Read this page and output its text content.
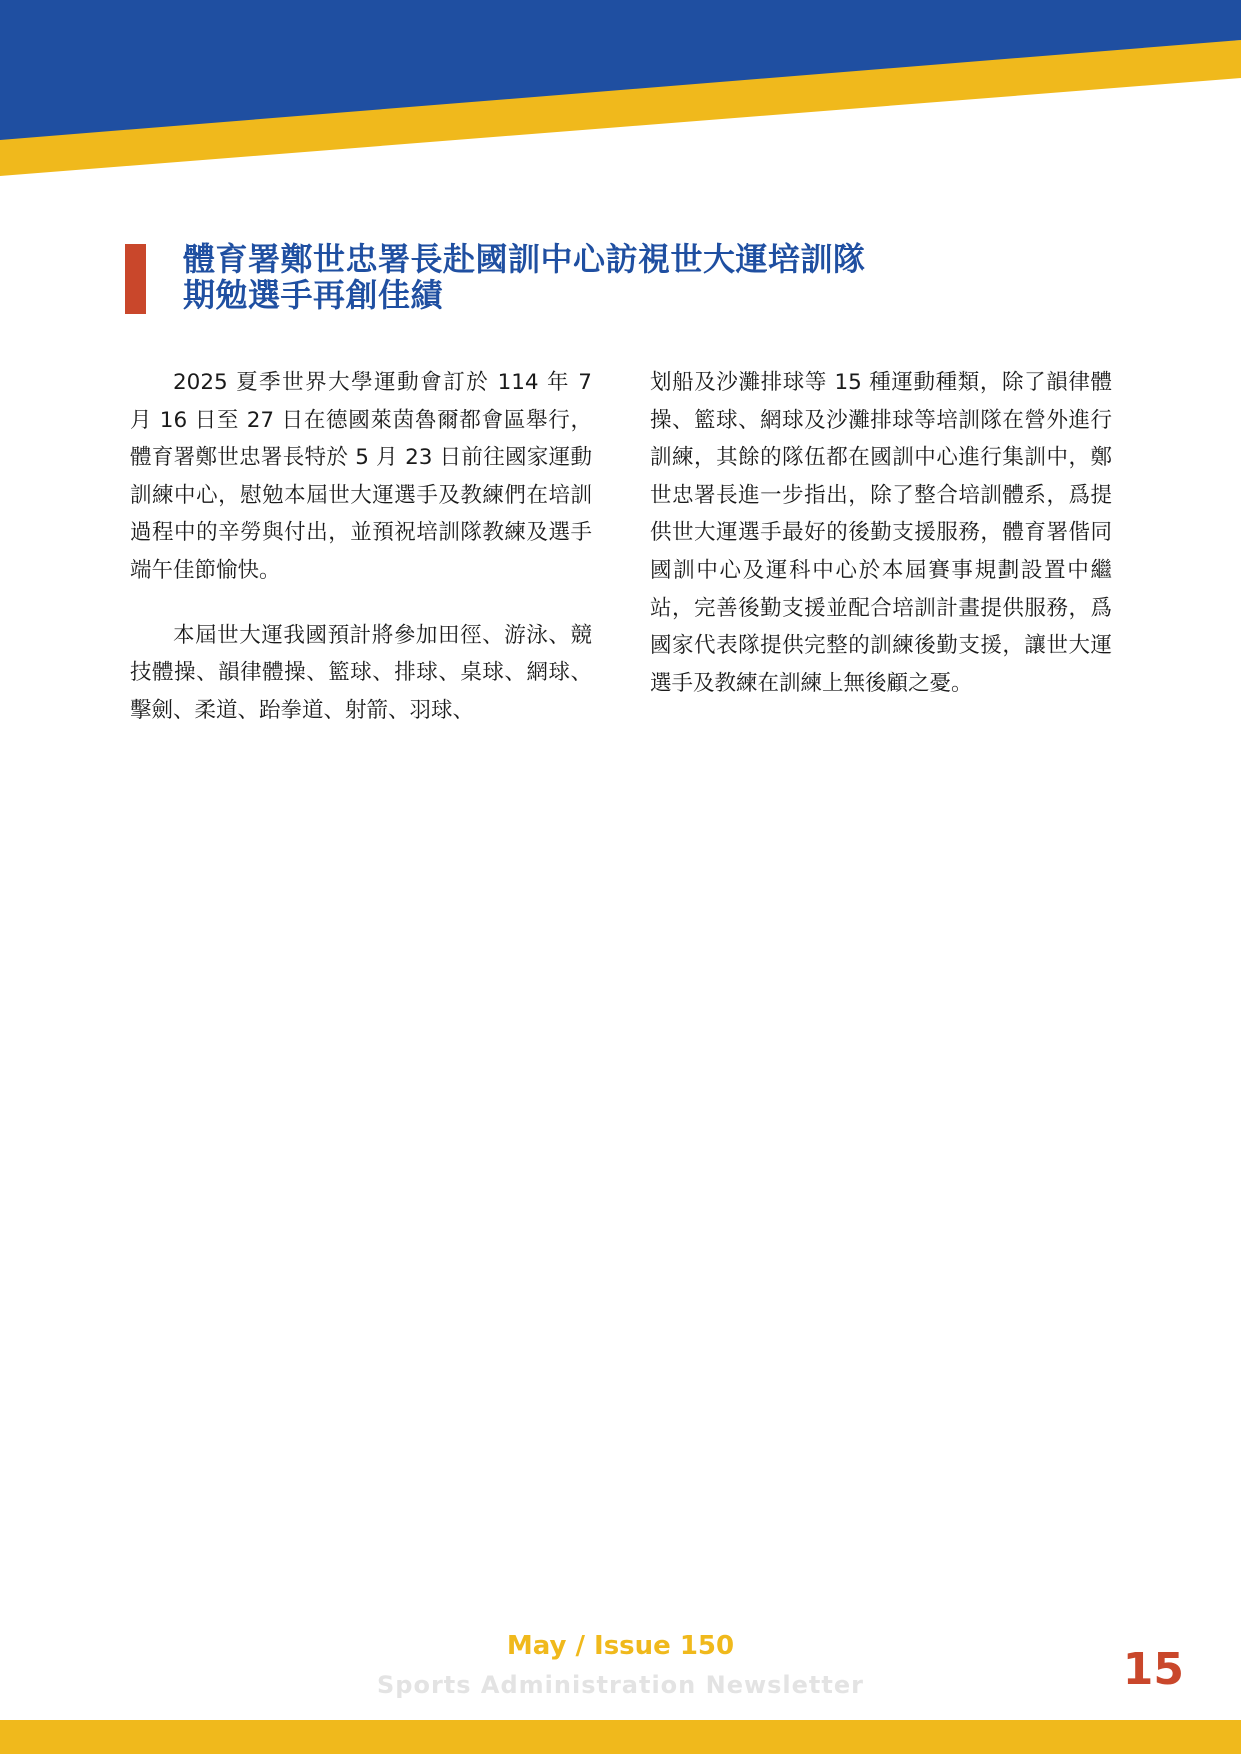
體育署鄭世忠署長赴國訓中心訪視世大運培訓隊
期勉選手再創佳績

2025 夏季世界大學運動會訂於 114 年 7 月 16 日至 27 日在德國萊茵魯爾都會區舉行，體育署鄭世忠署長特於 5 月 23 日前往國家運動訓練中心，慰勉本屆世大運選手及教練們在培訓過程中的辛勞與付出，並預祝培訓隊教練及選手端午佳節愉快。

本屆世大運我國預計將參加田徑、游泳、競技體操、韻律體操、籃球、排球、桌球、網球、擊劍、柔道、跆拳道、射箭、羽球、

划船及沙灘排球等 15 種運動種類，除了韻律體操、籃球、網球及沙灘排球等培訓隊在營外進行訓練，其餘的隊伍都在國訓中心進行集訓中，鄭世忠署長進一步指出，除了整合培訓體系，爲提供世大運選手最好的後勤支援服務，體育署偕同國訓中心及運科中心於本屆賽事規劃設置中繼站，完善後勤支援並配合培訓計畫提供服務，爲國家代表隊提供完整的訓練後勤支援，讓世大運選手及教練在訓練上無後顧之憂。

May / Issue 150
Sports Administration Newsletter	15
